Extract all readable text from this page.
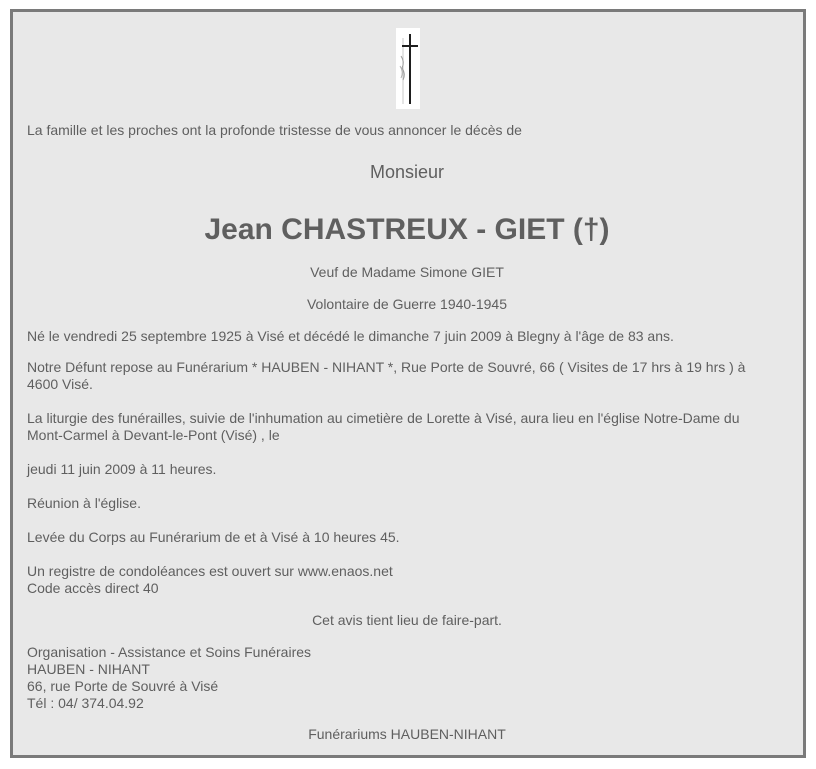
La famille et les proches ont la profonde tristesse de vous annoncer le décès de

Monsieur

Jean CHASTREUX - GIET (†)

Veuf de Madame Simone GIET

Volontaire de Guerre 1940-1945

Né le vendredi 25 septembre 1925 à Visé et décédé le dimanche 7 juin 2009 à Blegny à l'âge de 83 ans.

Notre Défunt repose au Funérarium * HAUBEN - NIHANT *, Rue Porte de Souvré, 66 ( Visites de 17 hrs à 19 hrs ) à
4600 Visé.

La liturgie des funérailles, suivie de l'inhumation au cimetière de Lorette à Visé, aura lieu en l'église Notre-Dame du
Mont-Carmel à Devant-le-Pont (Visé) , le

jeudi 11 juin 2009 à 11 heures.

Réunion à l'église.

Levée du Corps au Funérarium de et à Visé à 10 heures 45.

Un registre de condoléances est ouvert sur www.enaos.net
Code accès direct 40

Cet avis tient lieu de faire-part.

Organisation - Assistance et Soins Funéraires
HAUBEN - NIHANT
66, rue Porte de Souvré à Visé
Tél : 04/ 374.04.92

Funérariums HAUBEN-NIHANT
